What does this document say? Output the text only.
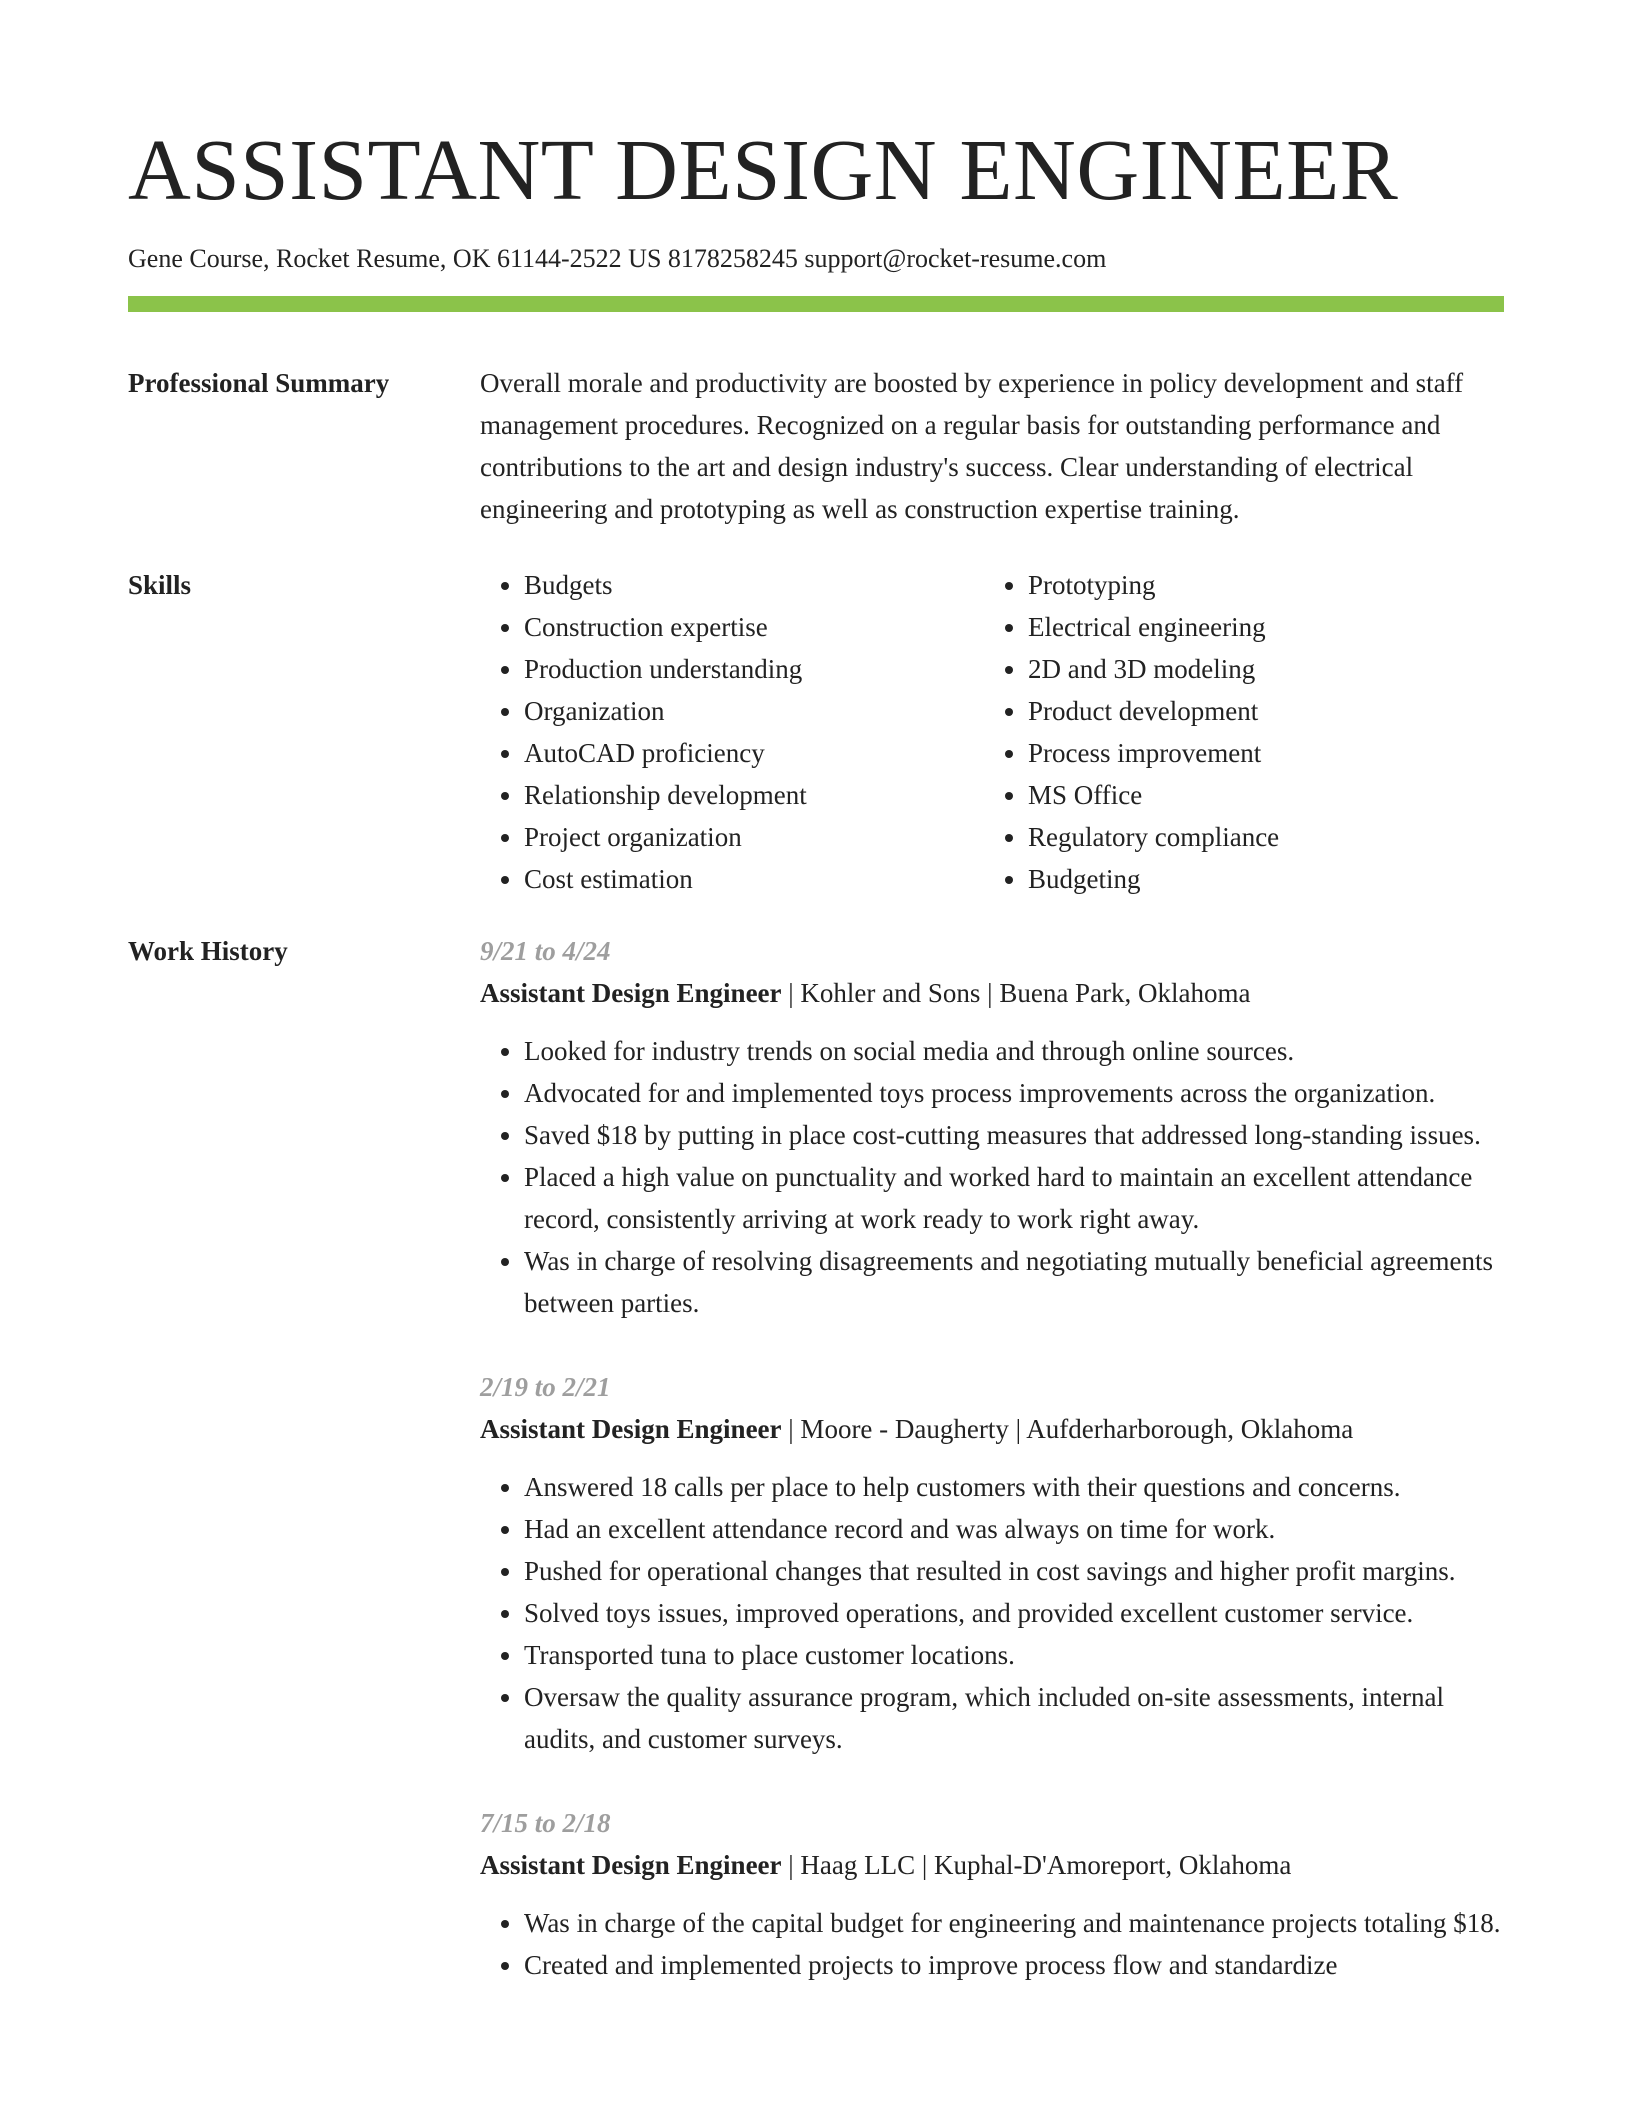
ASSISTANT DESIGN ENGINEER
Gene Course, Rocket Resume, OK 61144-2522 US 8178258245 support@rocket-resume.com
Professional Summary	Overall morale and productivity are boosted by experience in policy development and staff management procedures. Recognized on a regular basis for outstanding performance and contributions to the art and design industry's success. Clear understanding of electrical engineering and prototyping as well as construction expertise training.

Skills
•	Budgets
• Construction expertise
• Production understanding
• Organization
• AutoCAD proficiency
• Relationship development
• Project organization
• Cost estimation
• Prototyping
• Electrical engineering
• 2D and 3D modeling
• Product development
• Process improvement
• MS Office
• Regulatory compliance
• Budgeting
Work History	9/21 to 4/24
Assistant Design Engineer | Kohler and Sons | Buena Park, Oklahoma
• Looked for industry trends on social media and through online sources.
• Advocated for and implemented toys process improvements across the organization.
• Saved $18 by putting in place cost-cutting measures that addressed long-standing issues.
• Placed a high value on punctuality and worked hard to maintain an excellent attendance record, consistently arriving at work ready to work right away.
• Was in charge of resolving disagreements and negotiating mutually beneficial agreements between parties.
2/19 to 2/21
Assistant Design Engineer | Moore - Daugherty | Aufderharborough, Oklahoma
• Answered 18 calls per place to help customers with their questions and concerns.
• Had an excellent attendance record and was always on time for work.
• Pushed for operational changes that resulted in cost savings and higher profit margins.
• Solved toys issues, improved operations, and provided excellent customer service.
• Transported tuna to place customer locations.
• Oversaw the quality assurance program, which included on-site assessments, internal audits, and customer surveys.
7/15 to 2/18
Assistant Design Engineer | Haag LLC | Kuphal-D'Amoreport, Oklahoma
• Was in charge of the capital budget for engineering and maintenance projects totaling $18.
• Created and implemented projects to improve process flow and standardize
